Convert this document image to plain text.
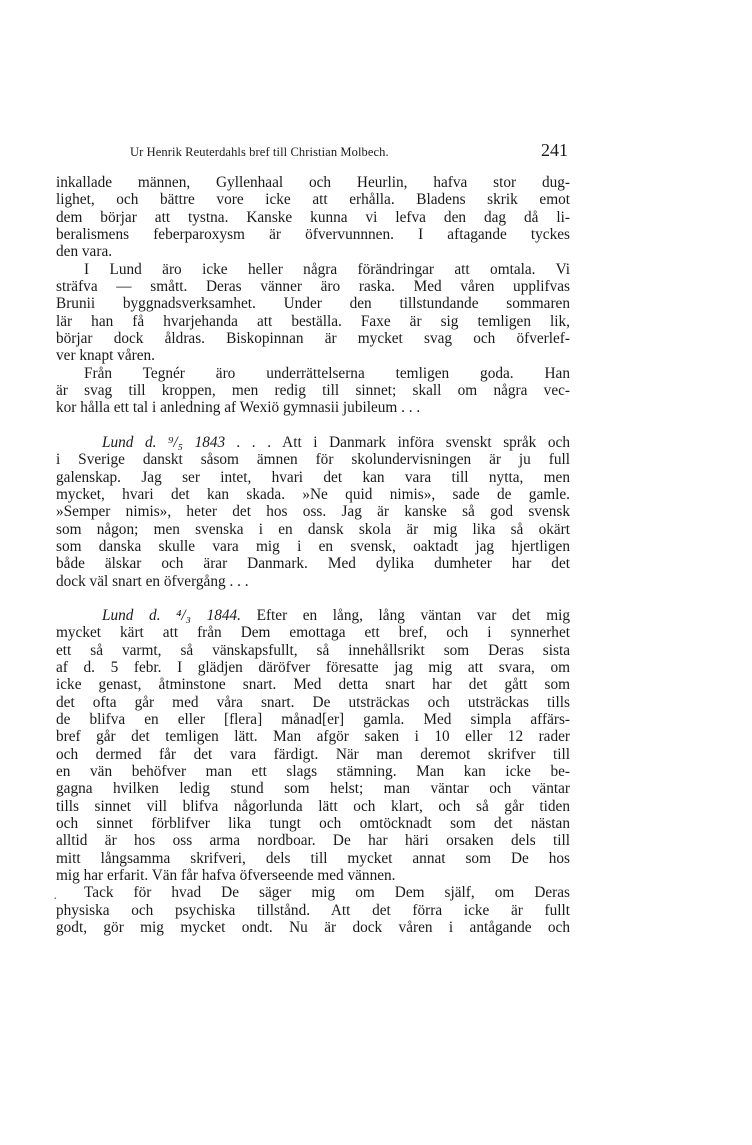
Ur Henrik Reuterdahls bref till Christian Molbech.	241
·
inkallade männen, Gyllenhaal och Heurlin, hafva stor dug-
lighet, och bättre vore icke att erhålla. Bladens skrik emot
dem börjar att tystna. Kanske kunna vi lefva den dag då li-
beralismens feberparoxysm är öfvervunnnen. I aftagande tyckes
den vara.
I Lund äro icke heller några förändringar att omtala. Vi
sträfva — smått. Deras vänner äro raska. Med våren upplifvas
Brunii byggnadsverksamhet. Under den tillstundande sommaren
lär han få hvarjehanda att beställa. Faxe är sig temligen lik,
börjar dock åldras. Biskopinnan är mycket svag och öfverlef-
ver knapt våren.
Från Tegnér äro underrättelserna temligen goda. Han
är svag till kroppen, men redig till sinnet; skall om några vec-
kor hålla ett tal i anledning af Wexiö gymnasii jubileum . . .
Lund d. ⁹/₅ 1843 . . . Att i Danmark införa svenskt språk och
i Sverige danskt såsom ämnen för skolundervisningen är ju full
galenskap. Jag ser intet, hvari det kan vara till nytta, men
mycket, hvari det kan skada. »Ne quid nimis», sade de gamle.
»Semper nimis», heter det hos oss. Jag är kanske så god svensk
som någon; men svenska i en dansk skola är mig lika så okärt
som danska skulle vara mig i en svensk, oaktadt jag hjertligen
både älskar och ärar Danmark. Med dylika dumheter har det
dock väl snart en öfvergång . . .
Lund d. ⁴/₃ 1844. Efter en lång, lång väntan var det mig
mycket kärt att från Dem emottaga ett bref, och i synnerhet
ett så varmt, så vänskapsfullt, så innehållsrikt som Deras sista
af d. 5 febr. I glädjen däröfver föresatte jag mig att svara, om
icke genast, åtminstone snart. Med detta snart har det gått som
det ofta går med våra snart. De utsträckas och utsträckas tills
de blifva en eller [flera] månad[er] gamla. Med simpla affärs-
bref går det temligen lätt. Man afgör saken i 10 eller 12 rader
och dermed får det vara färdigt. När man deremot skrifver till
en vän behöfver man ett slags stämning. Man kan icke be-
gagna hvilken ledig stund som helst; man väntar och väntar
tills sinnet vill blifva någorlunda lätt och klart, och så går tiden
och sinnet förblifver lika tungt och omtöcknadt som det nästan
alltid är hos oss arma nordboar. De har häri orsaken dels till
mitt långsamma skrifveri, dels till mycket annat som De hos
mig har erfarit. Vän får hafva öfverseende med vännen.
Tack för hvad De säger mig om Dem själf, om Deras
physiska och psychiska tillstånd. Att det förra icke är fullt
godt, gör mig mycket ondt. Nu är dock våren i antågande och
